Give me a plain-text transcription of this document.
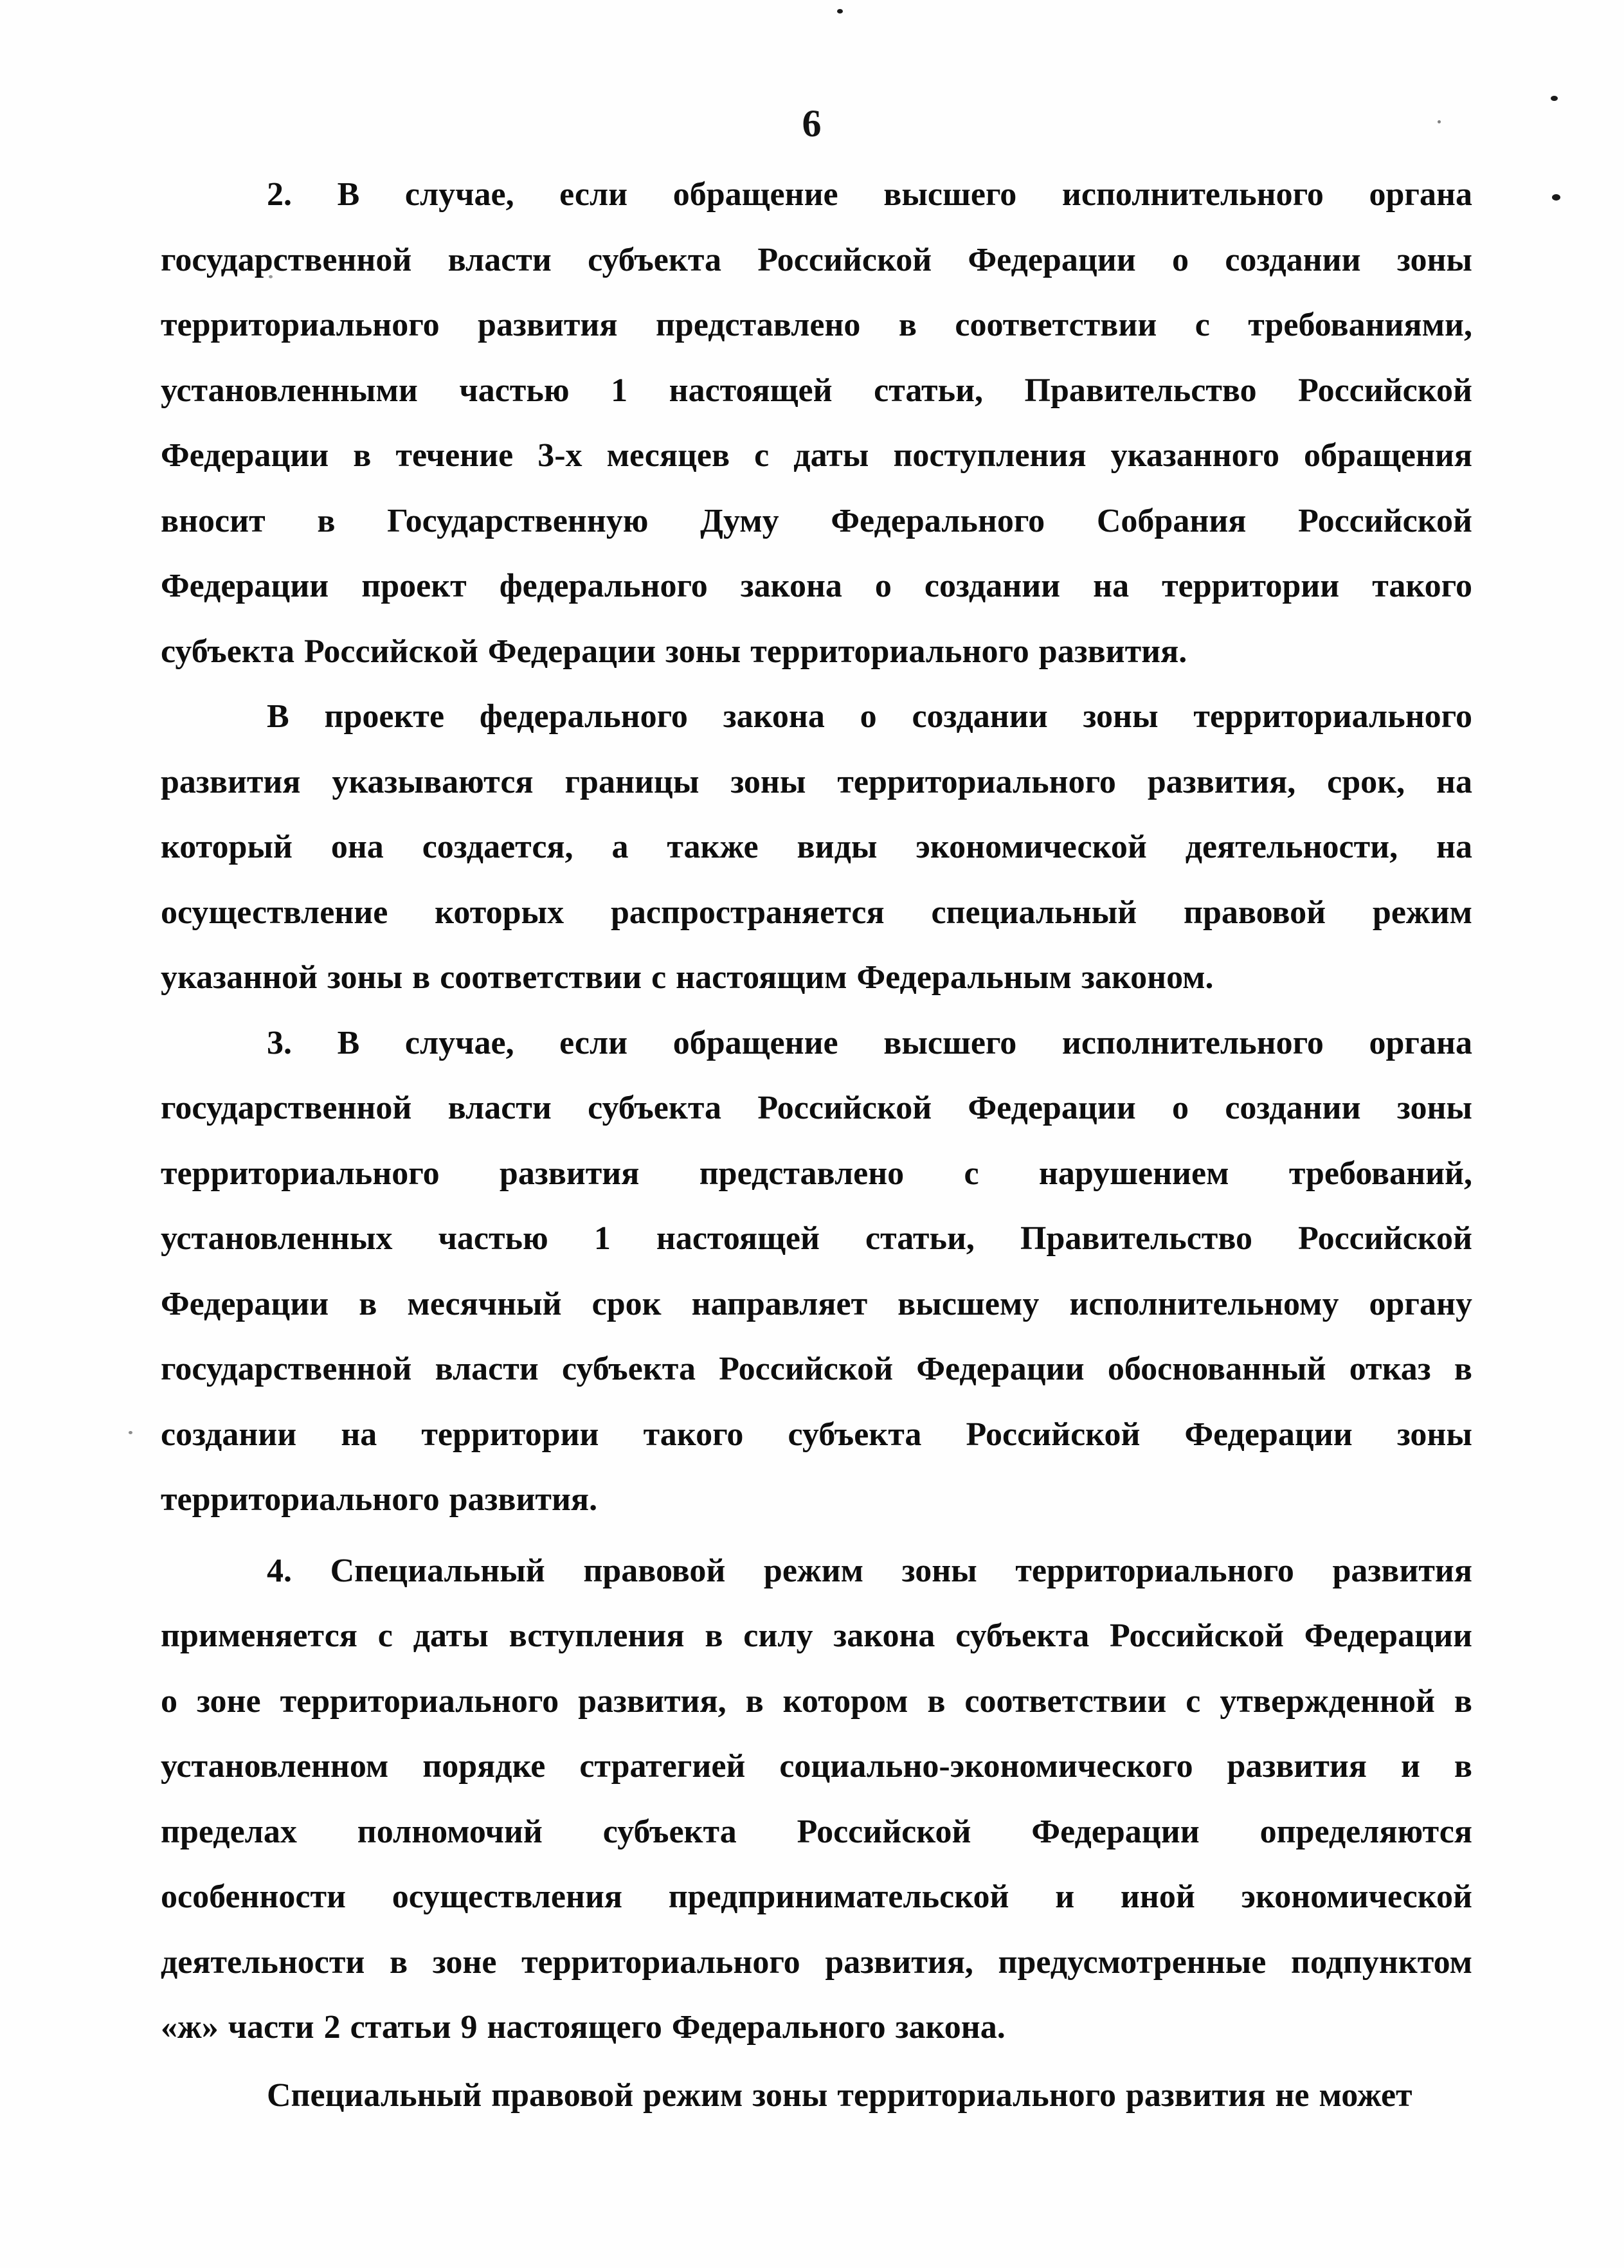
6
2. В случае, если обращение высшего исполнительного органа
государственной власти субъекта Российской Федерации о создании зоны
территориального развития представлено в соответствии с требованиями,
установленными частью 1 настоящей статьи, Правительство Российской
Федерации в течение 3-х месяцев с даты поступления указанного обращения
вносит в Государственную Думу Федерального Собрания Российской
Федерации проект федерального закона о создании на территории такого
субъекта Российской Федерации зоны территориального развития.
В проекте федерального закона о создании зоны территориального
развития указываются границы зоны территориального развития, срок, на
который она создается, а также виды экономической деятельности, на
осуществление которых распространяется специальный правовой режим
указанной зоны в соответствии с настоящим Федеральным законом.
3. В случае, если обращение высшего исполнительного органа
государственной власти субъекта Российской Федерации о создании зоны
территориального развития представлено с нарушением требований,
установленных частью 1 настоящей статьи, Правительство Российской
Федерации в месячный срок направляет высшему исполнительному органу
государственной власти субъекта Российской Федерации обоснованный отказ в
создании на территории такого субъекта Российской Федерации зоны
территориального развития.
4. Специальный правовой режим зоны территориального развития
применяется с даты вступления в силу закона субъекта Российской Федерации
о зоне территориального развития, в котором в соответствии с утвержденной в
установленном порядке стратегией социально-экономического развития и в
пределах полномочий субъекта Российской Федерации определяются
особенности осуществления предпринимательской и иной экономической
деятельности в зоне территориального развития, предусмотренные подпунктом
«ж» части 2 статьи 9 настоящего Федерального закона.
Специальный правовой режим зоны территориального развития не может
